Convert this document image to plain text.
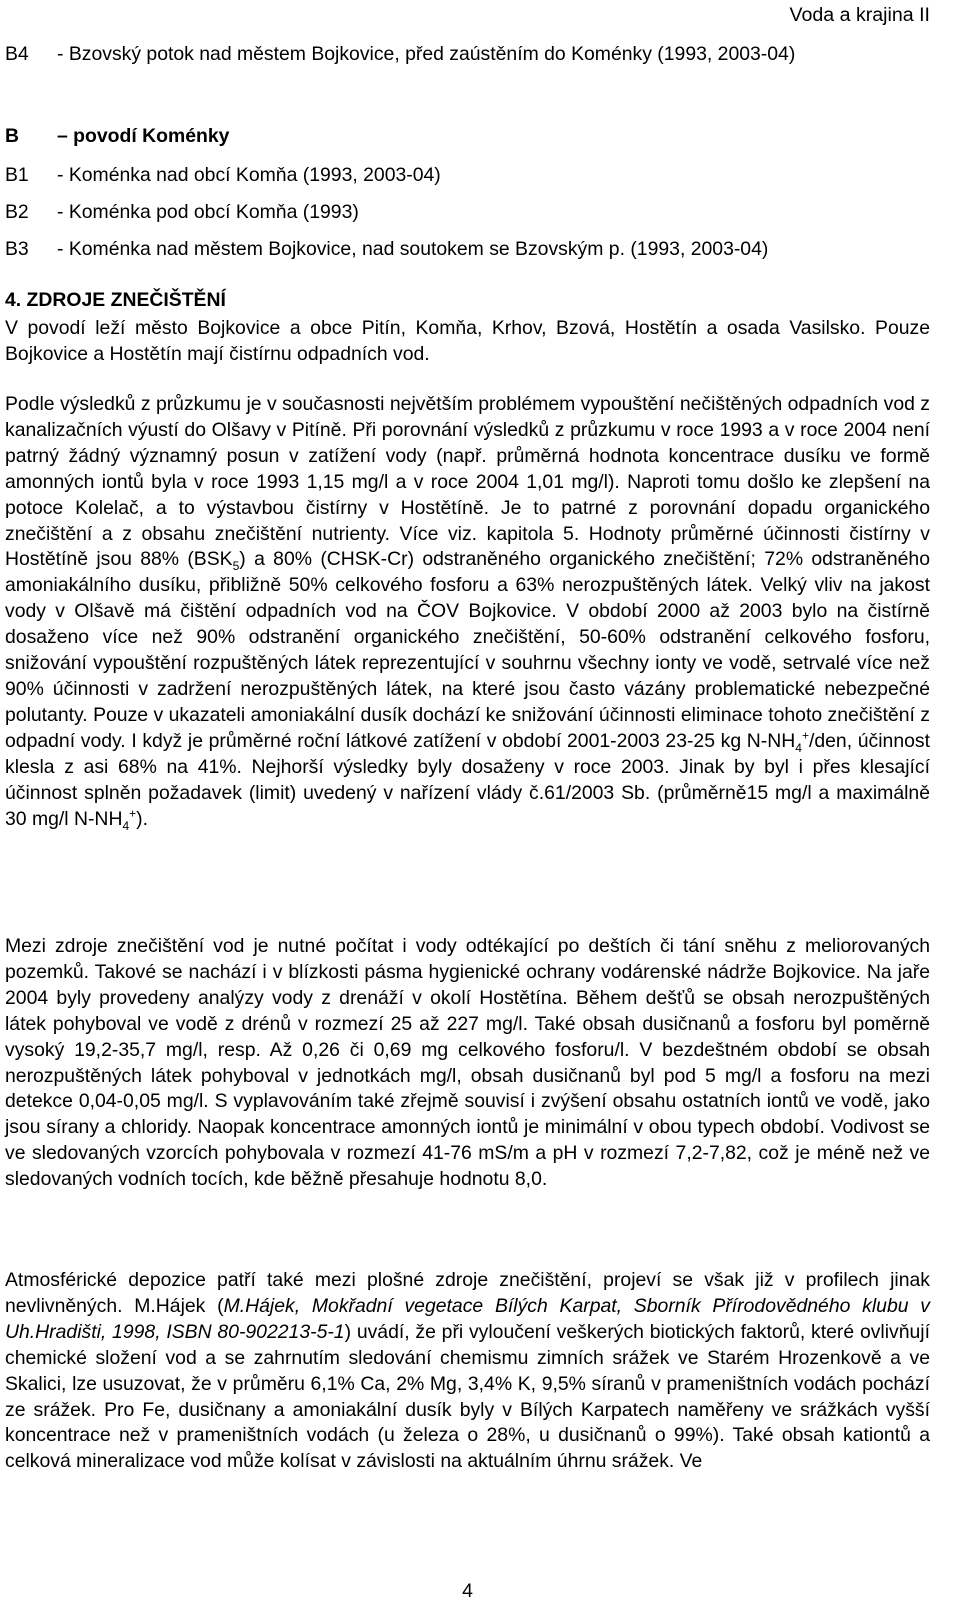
Voda a krajina II
B4	- Bzovský potok nad městem Bojkovice, před zaústěním do Koménky (1993, 2003-04)
B	– povodí Koménky
B1	- Koménka nad obcí Komňa (1993, 2003-04)
B2	- Koménka pod obcí Komňa (1993)
B3	- Koménka nad městem Bojkovice, nad soutokem se Bzovským p. (1993, 2003-04)
4. ZDROJE ZNEČIŠTĚNÍ
V povodí leží město Bojkovice a obce Pitín, Komňa, Krhov, Bzová, Hostětín a osada Vasilsko. Pouze Bojkovice a Hostětín mají čistírnu odpadních vod.
Podle výsledků z průzkumu je v současnosti největším problémem vypouštění nečištěných odpadních vod z kanalizačních výustí do Olšavy v Pitíně. Při porovnání výsledků z průzkumu v roce 1993 a v roce 2004 není patrný žádný významný posun v zatížení vody (např. průměrná hodnota koncentrace dusíku ve formě amonných iontů byla v roce 1993 1,15 mg/l a v roce 2004 1,01 mg/l). Naproti tomu došlo ke zlepšení na potoce Kolelač, a to výstavbou čistírny v Hostětíně. Je to patrné z porovnání dopadu organického znečištění a z obsahu znečištění nutrienty. Více viz. kapitola 5. Hodnoty průměrné účinnosti čistírny v Hostětíně jsou 88% $(BSK_5)$ a 80% (CHSK-Cr) odstraněného organického znečištění; 72% odstraněného amoniakálního dusíku, přibližně 50% celkového fosforu a 63% nerozpuštěných látek. Velký vliv na jakost vody v Olšavě má čištění odpadních vod na ČOV Bojkovice. V období 2000 až 2003 bylo na čistírně dosaženo více než 90% odstranění organického znečištění, 50-60% odstranění celkového fosforu, snižování vypouštění rozpuštěných látek reprezentující v souhrnu všechny ionty ve vodě, setrvalé více než 90% účinnosti v zadržení nerozpuštěných látek, na které jsou často vázány problematické nebezpečné polutanty. Pouze v ukazateli amoniakální dusík dochází ke snižování účinnosti eliminace tohoto znečištění z odpadní vody. I když je průměrné roční látkové zatížení v období 2001-2003 23-25 kg $N-NH_4^+$/den, účinnost klesla z asi 68% na 41%. Nejhorší výsledky byly dosaženy v roce 2003. Jinak by byl i přes klesající účinnost splněn požadavek (limit) uvedený v nařízení vlády č.61/2003 Sb. (průměrně15 mg/l a maximálně 30 mg/l $N-NH_4^+$).
Mezi zdroje znečištění vod je nutné počítat i vody odtékající po deštích či tání sněhu z meliorovaných pozemků. Takové se nachází i v blízkosti pásma hygienické ochrany vodárenské nádrže Bojkovice. Na jaře 2004 byly provedeny analýzy vody z drenáží v okolí Hostětína. Během dešťů se obsah nerozpuštěných látek pohyboval ve vodě z drénů v rozmezí 25 až 227 mg/l. Také obsah dusičnanů a fosforu byl poměrně vysoký 19,2-35,7 mg/l, resp. Až 0,26 či 0,69 mg celkového fosforu/l. V bezdeštném období se obsah nerozpuštěných látek pohyboval v jednotkách mg/l, obsah dusičnanů byl pod 5 mg/l a fosforu na mezi detekce 0,04-0,05 mg/l. S vyplavováním také zřejmě souvisí i zvýšení obsahu ostatních iontů ve vodě, jako jsou sírany a chloridy. Naopak koncentrace amonných iontů je minimální v obou typech období. Vodivost se ve sledovaných vzorcích pohybovala v rozmezí 41-76 mS/m a pH v rozmezí 7,2-7,82, což je méně než ve sledovaných vodních tocích, kde běžně přesahuje hodnotu 8,0.
Atmosférické depozice patří také mezi plošné zdroje znečištění, projeví se však již v profilech jinak nevlivněných. M.Hájek (M.Hájek, Mokřadní vegetace Bílých Karpat, Sborník Přírodovědného klubu v Uh.Hradišti, 1998, ISBN 80-902213-5-1) uvádí, že při vyloučení veškerých biotických faktorů, které ovlivňují chemické složení vod a se zahrnutím sledování chemismu zimních srážek ve Starém Hrozenkově a ve Skalici, lze usuzovat, že v průměru 6,1% Ca, 2% Mg, 3,4% K, 9,5% síranů v prameništních vodách pochází ze srážek. Pro Fe, dusičnany a amoniakální dusík byly v Bílých Karpatech naměřeny ve srážkách vyšší koncentrace než v prameništních vodách (u železa o 28%, u dusičnanů o 99%). Také obsah kationtů a celková mineralizace vod může kolísat v závislosti na aktuálním úhrnu srážek. Ve
4
